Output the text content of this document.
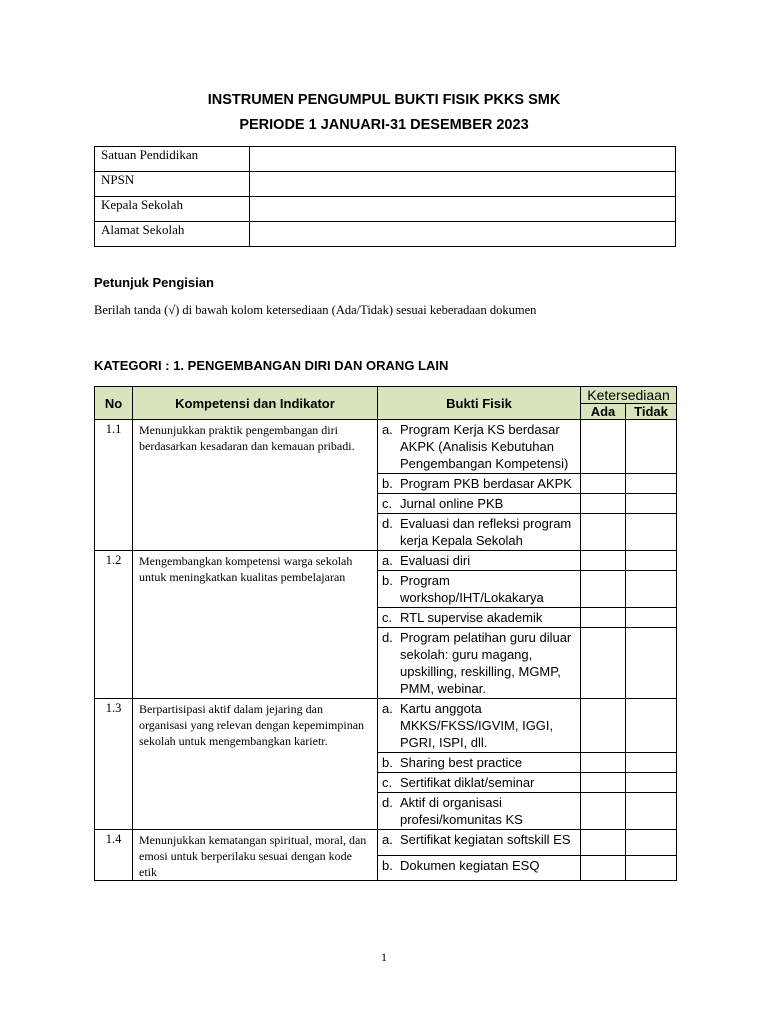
INSTRUMEN PENGUMPUL BUKTI FISIK PKKS SMK
PERIODE 1 JANUARI-31 DESEMBER 2023
Satuan Pendidikan	
NPSN	
Kepala Sekolah	
Alamat Sekolah	
Petunjuk Pengisian
Berilah tanda (√) di bawah kolom ketersediaan (Ada/Tidak) sesuai keberadaan dokumen
KATEGORI : 1. PENGEMBANGAN DIRI DAN ORANG LAIN
No	Kompetensi dan Indikator	Bukti Fisik	Ketersediaan	
			Ada	Tidak
1.1	Menunjukkan praktik pengembangan diri berdasarkan kesadaran dan kemauan pribadi.	a. Program Kerja KS berdasar AKPK (Analisis Kebutuhan Pengembangan Kompetensi)		
		b. Program PKB berdasar AKPK		
		c. Jurnal online PKB		
		d. Evaluasi dan refleksi program kerja Kepala Sekolah		
1.2	Mengembangkan kompetensi warga sekolah untuk meningkatkan kualitas pembelajaran	a. Evaluasi diri		
		b. Program workshop/IHT/Lokakarya		
		c. RTL supervise akademik		
		d. Program pelatihan guru diluar sekolah: guru magang, upskilling, reskilling, MGMP, PMM, webinar.		
1.3	Berpartisipasi aktif dalam jejaring dan organisasi yang relevan dengan kepemimpinan sekolah untuk mengembangkan karietr.	a. Kartu anggota MKKS/FKSS/IGVIM, IGGI, PGRI, ISPI, dll.		
		b. Sharing best practice		
		c. Sertifikat diklat/seminar		
		d. Aktif di organisasi profesi/komunitas KS		
1.4	Menunjukkan kematangan spiritual, moral, dan emosi untuk berperilaku sesuai dengan kode etik	a. Sertifikat kegiatan softskill ES		
		b. Dokumen kegiatan ESQ		
1
